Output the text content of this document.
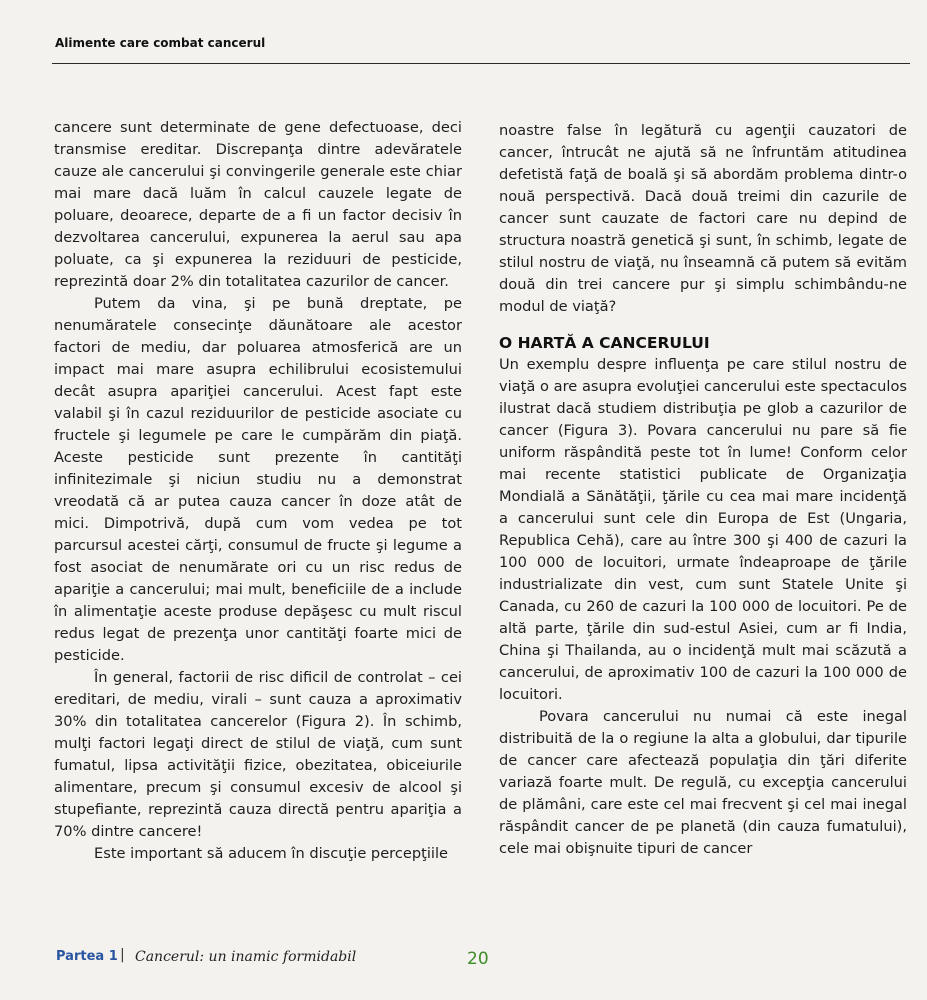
Alimente care combat cancerul

cancere sunt determinate de gene defectuoase, deci transmise ereditar. Discrepanţa dintre adevăratele cauze ale cancerului şi convingerile generale este chiar mai mare dacă luăm în calcul cauzele legate de poluare, deoarece, departe de a fi un factor decisiv în dezvoltarea cancerului, expunerea la aerul sau apa poluate, ca şi expunerea la reziduuri de pesticide, reprezintă doar 2% din totalitatea cazurilor de cancer.

Putem da vina, şi pe bună dreptate, pe nenumăratele consecinţe dăunătoare ale acestor factori de mediu, dar poluarea atmosferică are un impact mai mare asupra echilibrului ecosistemului decât asupra apariţiei cancerului. Acest fapt este valabil şi în cazul reziduurilor de pesticide asociate cu fructele şi legumele pe care le cumpărăm din piaţă. Aceste pesticide sunt prezente în cantităţi infinitezimale şi niciun studiu nu a demonstrat vreodată că ar putea cauza cancer în doze atât de mici. Dimpotrivă, după cum vom vedea pe tot parcursul acestei cărţi, consumul de fructe şi legume a fost asociat de nenumărate ori cu un risc redus de apariţie a cancerului; mai mult, beneficiile de a include în alimentaţie aceste produse depăşesc cu mult riscul redus legat de prezenţa unor cantităţi foarte mici de pesticide.

În general, factorii de risc dificil de controlat – cei ereditari, de mediu, virali – sunt cauza a aproximativ 30% din totalitatea cancerelor (Figura 2). În schimb, mulţi factori legaţi direct de stilul de viaţă, cum sunt fumatul, lipsa activităţii fizice, obezitatea, obiceiurile alimentare, precum şi consumul excesiv de alcool şi stupefiante, reprezintă cauza directă pentru apariţia a 70% dintre cancere!

Este important să aducem în discuţie percepţiile

noastre false în legătură cu agenţii cauzatori de cancer, întrucât ne ajută să ne înfruntăm atitudinea defetistă faţă de boală şi să abordăm problema dintr-o nouă perspectivă. Dacă două treimi din cazurile de cancer sunt cauzate de factori care nu depind de structura noastră genetică şi sunt, în schimb, legate de stilul nostru de viaţă, nu înseamnă că putem să evităm două din trei cancere pur şi simplu schimbându-ne modul de viaţă?

O HARTĂ A CANCERULUI

Un exemplu despre influenţa pe care stilul nostru de viaţă o are asupra evoluţiei cancerului este spectaculos ilustrat dacă studiem distribuţia pe glob a cazurilor de cancer (Figura 3). Povara cancerului nu pare să fie uniform răspândită peste tot în lume! Conform celor mai recente statistici publicate de Organizaţia Mondială a Sănătăţii, ţările cu cea mai mare incidenţă a cancerului sunt cele din Europa de Est (Ungaria, Republica Cehă), care au între 300 şi 400 de cazuri la 100 000 de locuitori, urmate îndeaproape de ţările industrializate din vest, cum sunt Statele Unite şi Canada, cu 260 de cazuri la 100 000 de locuitori. Pe de altă parte, ţările din sud-estul Asiei, cum ar fi India, China şi Thailanda, au o incidenţă mult mai scăzută a cancerului, de aproximativ 100 de cazuri la 100 000 de locuitori.

Povara cancerului nu numai că este inegal distribuită de la o regiune la alta a globului, dar tipurile de cancer care afectează populaţia din ţări diferite variază foarte mult. De regulă, cu excepţia cancerului de plămâni, care este cel mai frecvent şi cel mai inegal răspândit cancer de pe planetă (din cauza fumatului), cele mai obişnuite tipuri de cancer

Partea 1 | Cancerul: un inamic formidabil	20
